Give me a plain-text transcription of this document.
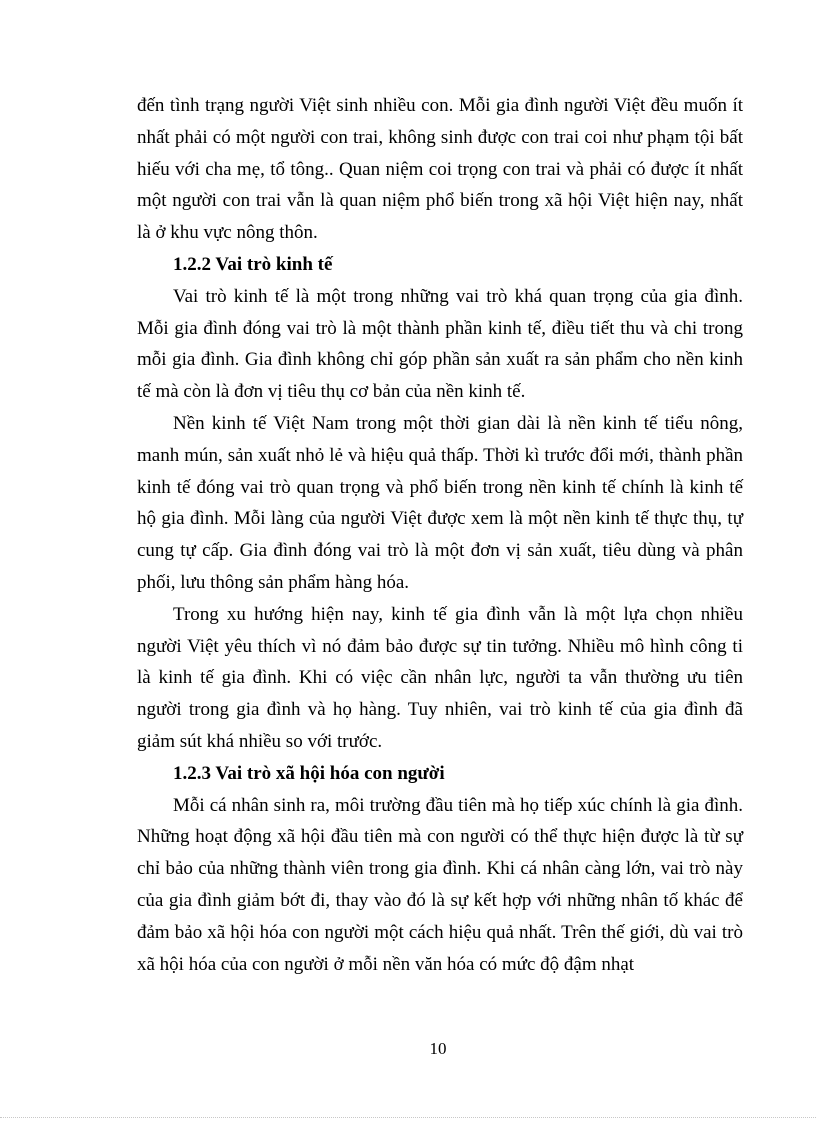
đến tình trạng người Việt sinh nhiều con. Mỗi gia đình người Việt đều muốn ít nhất phải có một người con trai, không sinh được con trai coi như phạm tội bất hiếu với cha mẹ, tổ tông.. Quan niệm coi trọng con trai và phải có được ít nhất một người con trai vẫn là quan niệm phổ biến trong xã hội Việt hiện nay, nhất là ở khu vực nông thôn.

1.2.2 Vai trò kinh tế

Vai trò kinh tế là một trong những vai trò khá quan trọng của gia đình. Mỗi gia đình đóng vai trò là một thành phần kinh tế, điều tiết thu và chi trong mỗi gia đình. Gia đình không chỉ góp phần sản xuất ra sản phẩm cho nền kinh tế mà còn là đơn vị tiêu thụ cơ bản của nền kinh tế.

Nền kinh tế Việt Nam trong một thời gian dài là nền kinh tế tiểu nông, manh mún, sản xuất nhỏ lẻ và hiệu quả thấp. Thời kì trước đổi mới, thành phần kinh tế đóng vai trò quan trọng và phổ biến trong nền kinh tế chính là kinh tế hộ gia đình. Mỗi làng của người Việt được xem là một nền kinh tế thực thụ, tự cung tự cấp. Gia đình đóng vai trò là một đơn vị sản xuất, tiêu dùng và phân phối, lưu thông sản phẩm hàng hóa.

Trong xu hướng hiện nay, kinh tế gia đình vẫn là một lựa chọn nhiều người Việt yêu thích vì nó đảm bảo được sự tin tưởng. Nhiều mô hình công ti là kinh tế gia đình. Khi có việc cần nhân lực, người ta vẫn thường ưu tiên người trong gia đình và họ hàng. Tuy nhiên, vai trò kinh tế của gia đình đã giảm sút khá nhiều so với trước.

1.2.3 Vai trò xã hội hóa con người

Mỗi cá nhân sinh ra, môi trường đầu tiên mà họ tiếp xúc chính là gia đình. Những hoạt động xã hội đầu tiên mà con người có thể thực hiện được là từ sự chỉ bảo của những thành viên trong gia đình. Khi cá nhân càng lớn, vai trò này của gia đình giảm bớt đi, thay vào đó là sự kết hợp với những nhân tố khác để đảm bảo xã hội hóa con người một cách hiệu quả nhất. Trên thế giới, dù vai trò xã hội hóa của con người ở mỗi nền văn hóa có mức độ đậm nhạt

10
